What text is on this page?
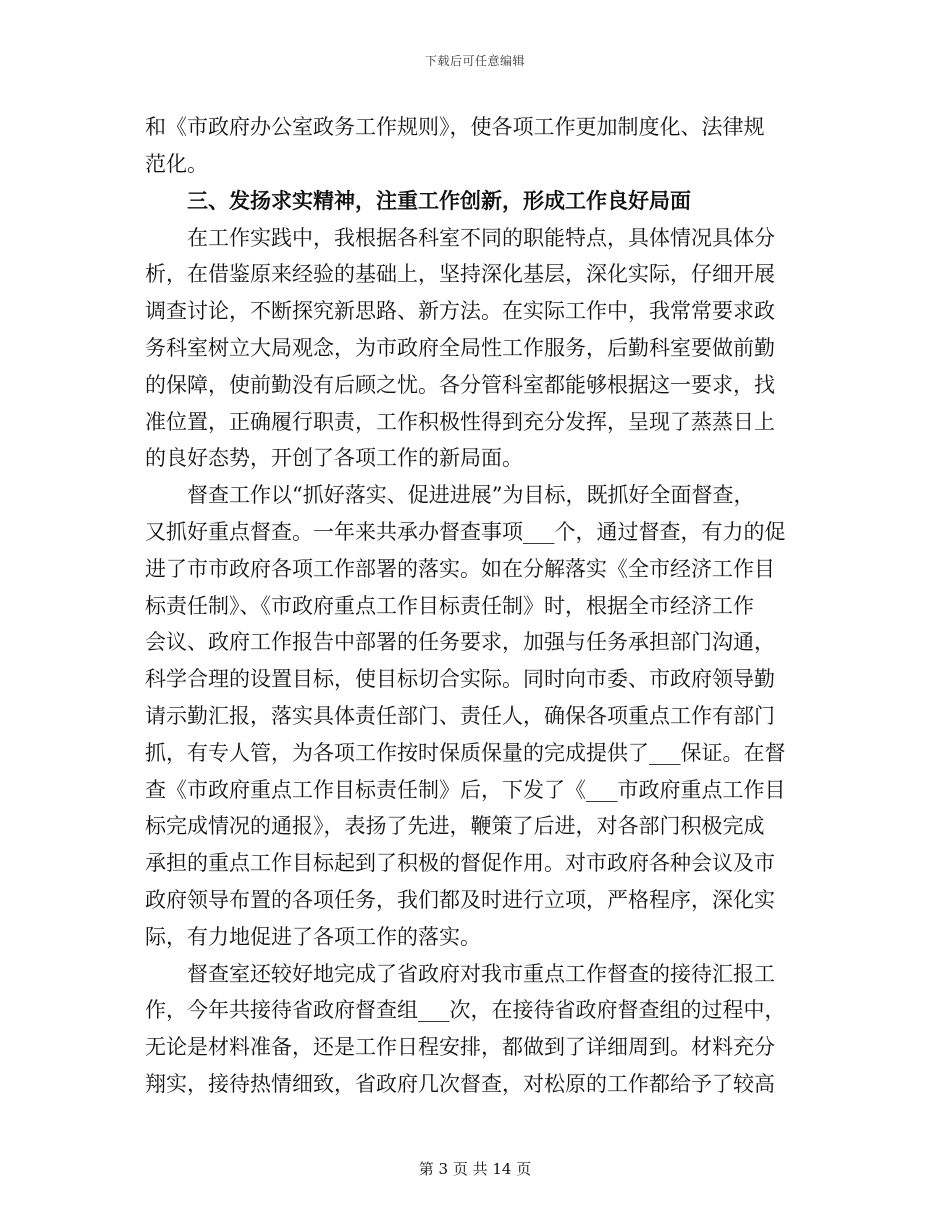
下载后可任意编辑
和《市政府办公室政务工作规则》，使各项工作更加制度化、法律规
范化。
三、发扬求实精神，注重工作创新，形成工作良好局面
在工作实践中，我根据各科室不同的职能特点，具体情况具体分
析，在借鉴原来经验的基础上，坚持深化基层，深化实际，仔细开展
调查讨论，不断探究新思路、新方法。在实际工作中，我常常要求政
务科室树立大局观念，为市政府全局性工作服务，后勤科室要做前勤
的保障，使前勤没有后顾之忧。各分管科室都能够根据这一要求，找
准位置，正确履行职责，工作积极性得到充分发挥，呈现了蒸蒸日上
的良好态势，开创了各项工作的新局面。
督查工作以“抓好落实、促进进展”为目标，既抓好全面督查，
又抓好重点督查。一年来共承办督查事项___个，通过督查，有力的促
进了市市政府各项工作部署的落实。如在分解落实《全市经济工作目
标责任制》、《市政府重点工作目标责任制》时，根据全市经济工作
会议、政府工作报告中部署的任务要求，加强与任务承担部门沟通，
科学合理的设置目标，使目标切合实际。同时向市委、市政府领导勤
请示勤汇报，落实具体责任部门、责任人，确保各项重点工作有部门
抓，有专人管，为各项工作按时保质保量的完成提供了___保证。在督
查《市政府重点工作目标责任制》后，下发了《___市政府重点工作目
标完成情况的通报》，表扬了先进，鞭策了后进，对各部门积极完成
承担的重点工作目标起到了积极的督促作用。对市政府各种会议及市
政府领导布置的各项任务，我们都及时进行立项，严格程序，深化实
际，有力地促进了各项工作的落实。
督查室还较好地完成了省政府对我市重点工作督查的接待汇报工
作，今年共接待省政府督查组___次，在接待省政府督查组的过程中，
无论是材料准备，还是工作日程安排，都做到了详细周到。材料充分
翔实，接待热情细致，省政府几次督查，对松原的工作都给予了较高
第 3 页 共 14 页
